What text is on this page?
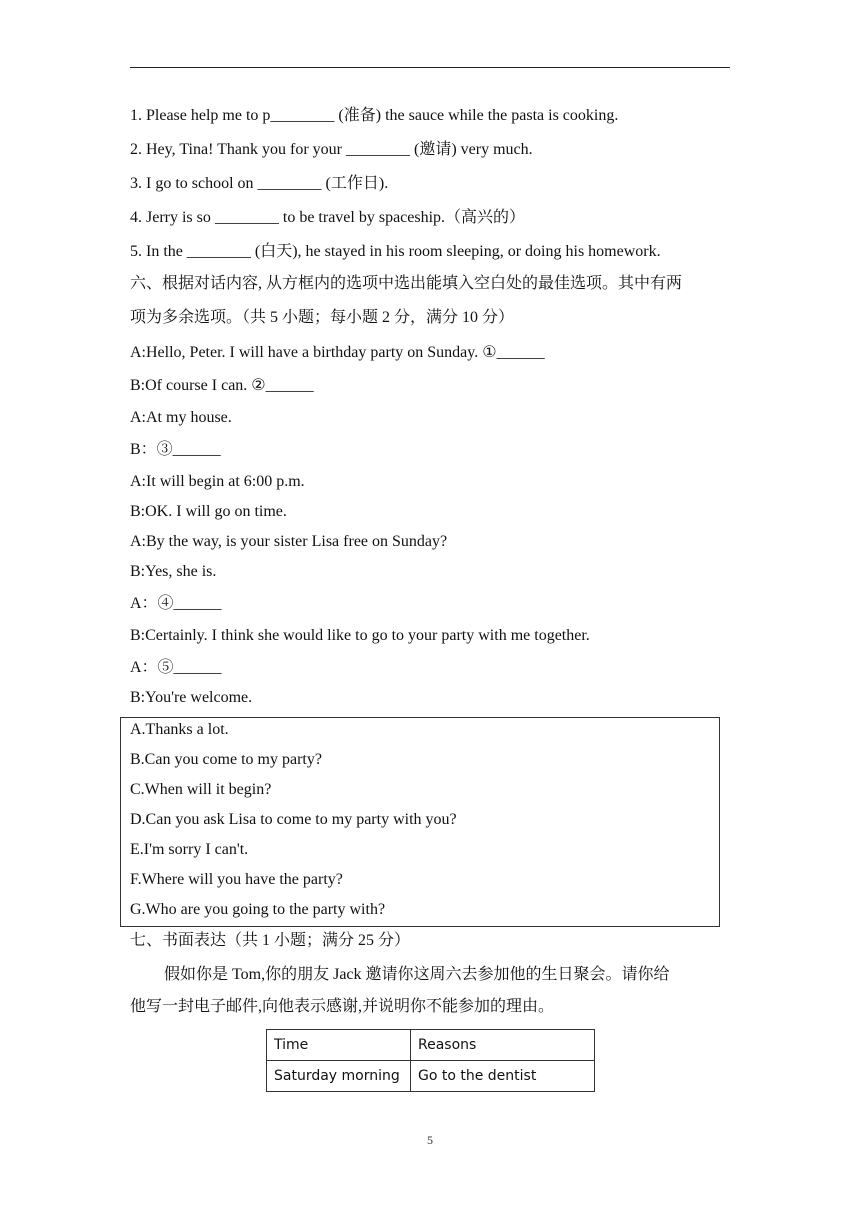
1. Please help me to p________ (准备) the sauce while the pasta is cooking.
2. Hey, Tina! Thank you for your ________ (邀请) very much.
3. I go to school on ________ (工作日).
4. Jerry is so ________ to be travel by spaceship.（高兴的）
5. In the ________ (白天), he stayed in his room sleeping, or doing his homework.
六、根据对话内容, 从方框内的选项中选出能填入空白处的最佳选项。其中有两
项为多余选项。（共 5 小题；每小题 2 分，满分 10 分）
A:Hello, Peter. I will have a birthday party on Sunday. ①______
B:Of course I can. ②______
A:At my house.
B：③______
A:It will begin at 6:00 p.m.
B:OK. I will go on time.
A:By the way, is your sister Lisa free on Sunday?
B:Yes, she is.
A：④______
B:Certainly. I think she would like to go to your party with me together.
A：⑤______
B:You're welcome.
A.Thanks a lot.
B.Can you come to my party?
C.When will it begin?
D.Can you ask Lisa to come to my party with you?
E.I'm sorry I can't.
F.Where will you have the party?
G.Who are you going to the party with?
七、书面表达（共 1 小题；满分 25 分）
假如你是 Tom,你的朋友 Jack 邀请你这周六去参加他的生日聚会。请你给
他写一封电子邮件,向他表示感谢,并说明你不能参加的理由。
Time	Reasons
Saturday morning	Go to the dentist
5
